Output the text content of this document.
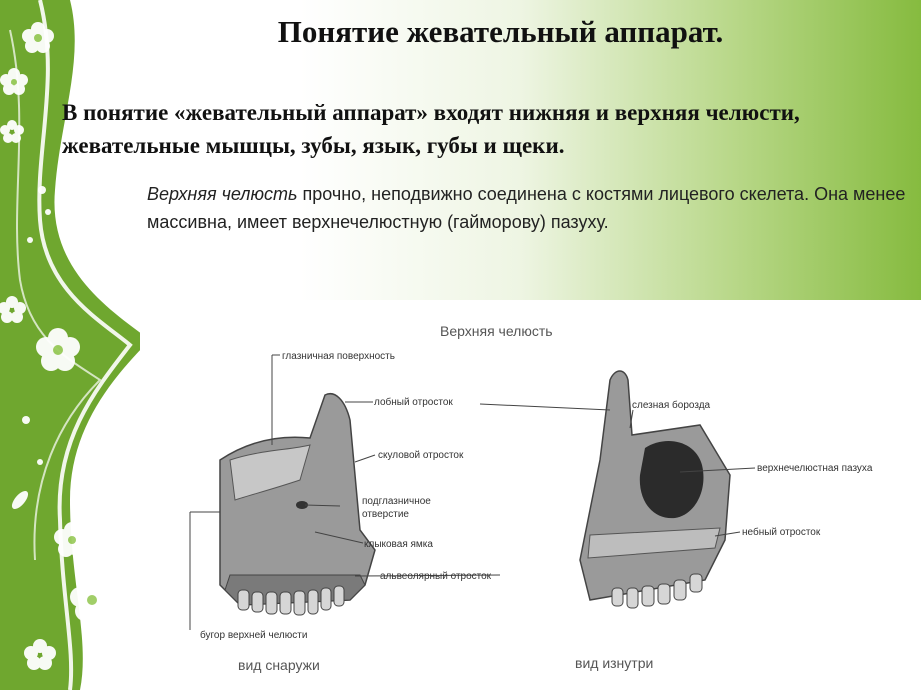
Понятие жевательный аппарат.
В понятие «жевательный аппарат» входят нижняя и верхняя челюсти, жевательные мышцы, зубы, язык, губы и щеки.
Верхняя челюсть прочно, неподвижно соединена с костями лицевого скелета. Она менее массивна, имеет верхнечелюстную (гайморову) пазуху.
Верхняя челюсть
глазничная поверхность
лобный отросток
скуловой отросток
подглазничное
отверстие
клыковая ямка
альвеолярный отросток
бугор верхней челюсти
слезная борозда
верхнечелюстная пазуха
небный отросток
вид снаружи	вид изнутри
